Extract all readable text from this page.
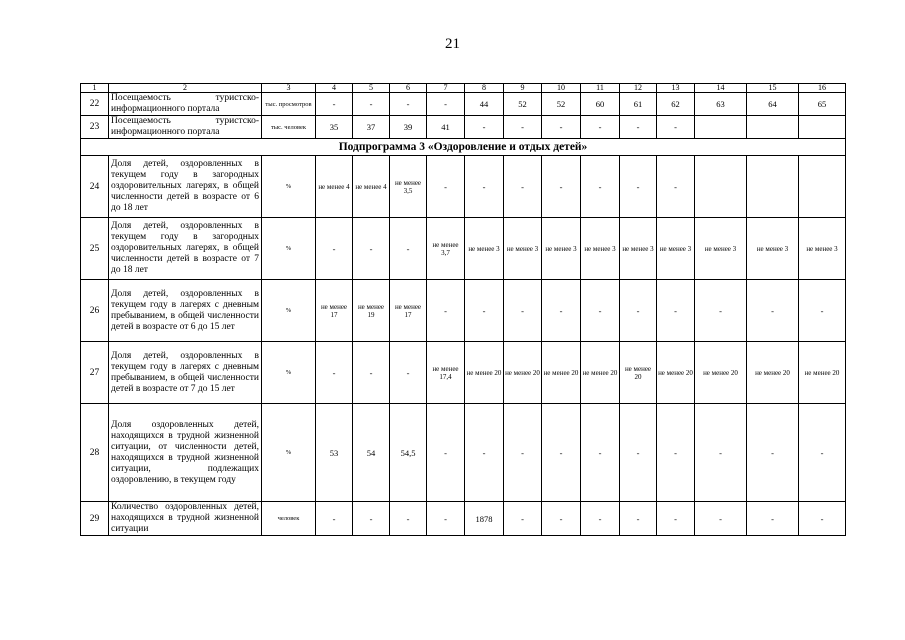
21
1	2	3	4	5	6	7	8	9	10	11	12	13	14	15	16
22	Посещаемость туристско-информационного портала	тыс. просмотров	-	-	-	-	44	52	52	60	61	62	63	64	65
23	Посещаемость туристско-информационного портала	тыс. человек	35	37	39	41	-	-	-	-	-	-			
Подпрограмма 3 «Оздоровление и отдых детей»															
24	Доля детей, оздоровленных в текущем году в загородных оздоровительных лагерях, в общей численности детей в возрасте от 6 до 18 лет	%	не менее 4	не менее 4	не менее 3,5	-	-	-	-	-	-	-			
25	Доля детей, оздоровленных в текущем году в загородных оздоровительных лагерях, в общей численности детей в возрасте от 7 до 18 лет	%	-	-	-	не менее 3,7	не менее 3	не менее 3	не менее 3	не менее 3	не менее 3	не менее 3	не менее 3	не менее 3	не менее 3
26	Доля детей, оздоровленных в текущем году в лагерях с дневным пребыванием, в общей численности детей в возрасте от 6 до 15 лет	%	не менее 17	не менее 19	не менее 17	-	-	-	-	-	-	-	-	-	-
27	Доля детей, оздоровленных в текущем году в лагерях с дневным пребыванием, в общей численности детей в возрасте от 7 до 15 лет	%	-	-	-	не менее 17,4	не менее 20	не менее 20	не менее 20	не менее 20	не менее 20	не менее 20	не менее 20	не менее 20	не менее 20
28	Доля оздоровленных детей, находящихся в трудной жизненной ситуации, от численности детей, находящихся в трудной жизненной ситуации, подлежащих оздоровлению, в текущем году	%	53	54	54,5	-	-	-	-	-	-	-	-	-	-
29	Количество оздоровленных детей, находящихся в трудной жизненной ситуации	человек	-	-	-	-	1878	-	-	-	-	-	-	-	-
